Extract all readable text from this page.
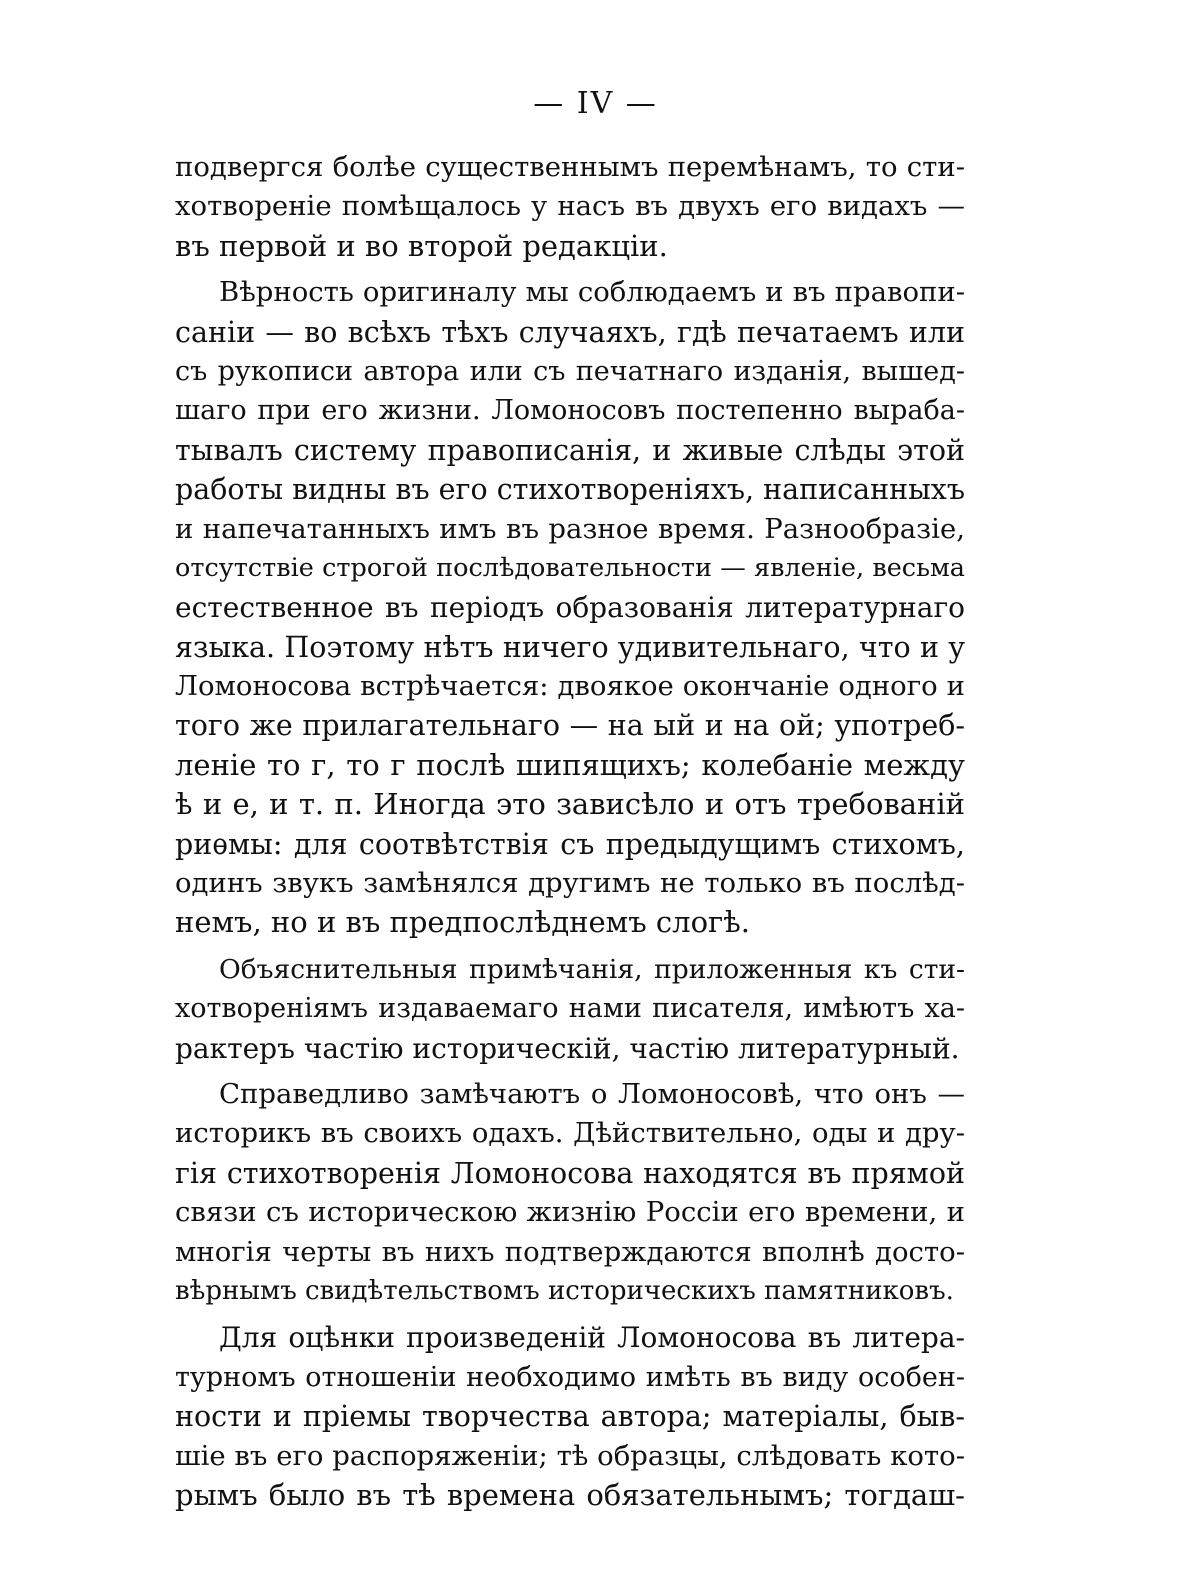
— IV —
подвергся болѣе существеннымъ перемѣнамъ, то сти-
хотвореніе помѣщалось у насъ въ двухъ его видахъ —
въ первой и во второй редакціи.
Вѣрность оригиналу мы соблюдаемъ и въ правопи-
саніи — во всѣхъ тѣхъ случаяхъ, гдѣ печатаемъ или
съ рукописи автора или съ печатнаго изданія, вышед-
шаго при его жизни. Ломоносовъ постепенно выраба-
тывалъ систему правописанія, и живые слѣды этой
работы видны въ его стихотвореніяхъ, написанныхъ
и напечатанныхъ имъ въ разное время. Разнообразіе,
отсутствіе строгой послѣдовательности — явленіе, весьма
естественное въ періодъ образованія литературнаго
языка. Поэтому нѣтъ ничего удивительнаго, что и у
Ломоносова встрѣчается: двоякое окончаніе одного и
того же прилагательнаго — на ый и на ой; употреб-
леніе то г, то г послѣ шипящихъ; колебаніе между
ѣ и е, и т. п. Иногда это зависѣло и отъ требованій
риѳмы: для соотвѣтствія съ предыдущимъ стихомъ,
одинъ звукъ замѣнялся другимъ не только въ послѣд-
немъ, но и въ предпослѣднемъ слогѣ.
Объяснительныя примѣчанія, приложенныя къ сти-
хотвореніямъ издаваемаго нами писателя, имѣютъ ха-
рактеръ частію историческій, частію литературный.
Справедливо замѣчаютъ о Ломоносовѣ, что онъ —
историкъ въ своихъ одахъ. Дѣйствительно, оды и дру-
гія стихотворенія Ломоносова находятся въ прямой
связи съ историческою жизнію Россіи его времени, и
многія черты въ нихъ подтверждаются вполнѣ досто-
вѣрнымъ свидѣтельствомъ историческихъ памятниковъ.
Для оцѣнки произведеній Ломоносова въ литера-
турномъ отношеніи необходимо имѣть въ виду особен-
ности и пріемы творчества автора; матеріалы, быв-
шіе въ его распоряженіи; тѣ образцы, слѣдовать кото-
рымъ было въ тѣ времена обязательнымъ; тогдаш-
